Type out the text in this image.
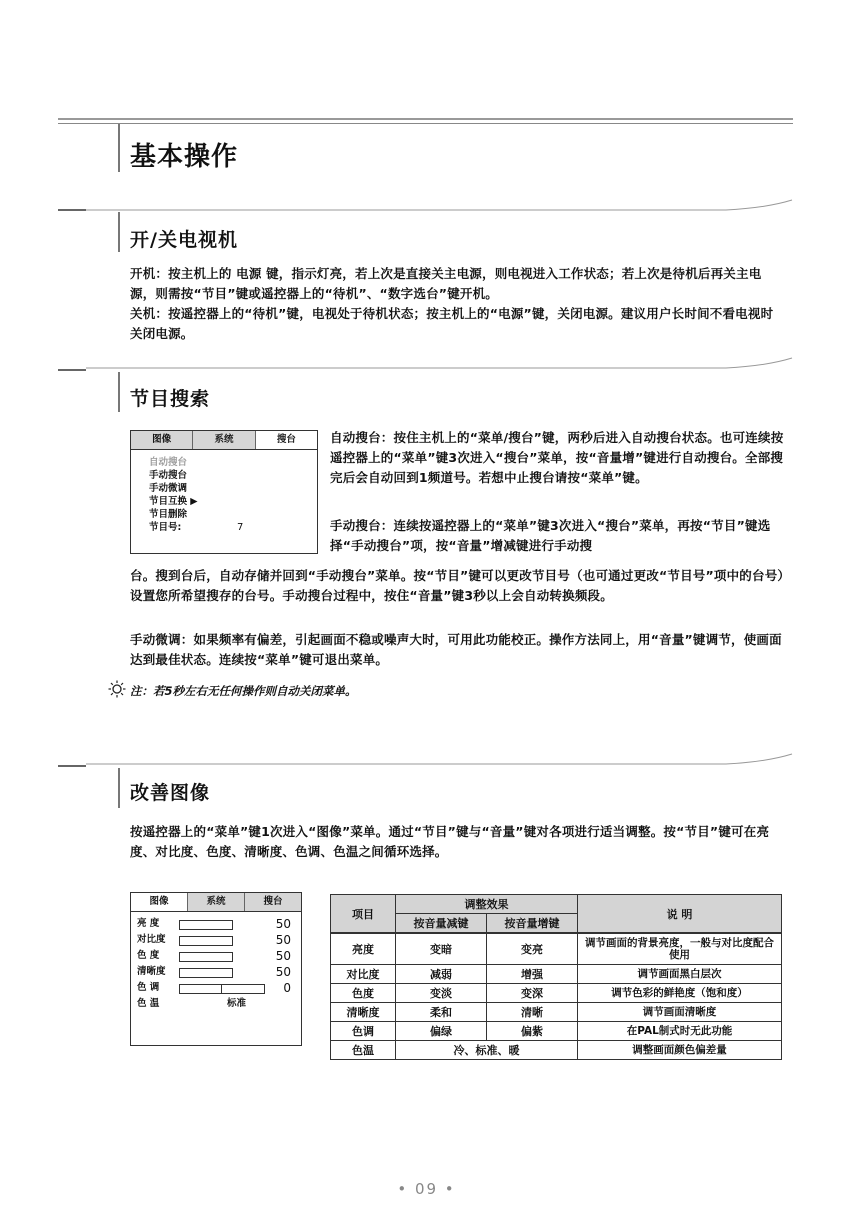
基本操作
开/关电视机

开机：按主机上的 电源 键，指示灯亮，若上次是直接关主电源，则电视进入工作状态；若上次是待机后再关主电源，则需按“节目”键或遥控器上的“待机”、“数字选台”键开机。

关机：按遥控器上的“待机”键，电视处于待机状态；按主机上的“电源”键，关闭电源。建议用户长时间不看电视时关闭电源。

节目搜索
图像	系统	搜台
自动搜台
手动搜台
手动微调
节目互换 ▶
节目删除
节目号:	7
自动搜台：按住主机上的“菜单/搜台”键，两秒后进入自动搜台状态。也可连续按遥控器上的“菜单”键3次进入“搜台”菜单，按“音量增”键进行自动搜台。全部搜完后会自动回到1频道号。若想中止搜台请按“菜单”键。
手动搜台：连续按遥控器上的“菜单”键3次进入“搜台”菜单，再按“节目”键选择“手动搜台”项，按“音量”增减键进行手动搜
台。搜到台后，自动存储并回到“手动搜台”菜单。按“节目”键可以更改节目号（也可通过更改“节目号”项中的台号）设置您所希望搜存的台号。手动搜台过程中，按住“音量”键3秒以上会自动转换频段。
手动微调：如果频率有偏差，引起画面不稳或噪声大时，可用此功能校正。操作方法同上，用“音量”键调节，使画面达到最佳状态。连续按“菜单”键可退出菜单。
注：若5秒左右无任何操作则自动关闭菜单。
改善图像
按遥控器上的“菜单”键1次进入“图像”菜单。通过“节目”键与“音量”键对各项进行适当调整。按“节目”键可在亮度、对比度、色度、清晰度、色调、色温之间循环选择。
图像	系统	搜台
亮 度	50
对比度	50
色 度	50
清晰度	50
色 调	0
色 温	标准
项目	调整效果		说 明
	按音量减键	按音量增键	
亮度	变暗	变亮	调节画面的背景亮度，一般与对比度配合使用
对比度	减弱	增强	调节画面黑白层次
色度	变淡	变深	调节色彩的鲜艳度（饱和度）
清晰度	柔和	清晰	调节画面清晰度
色调	偏绿	偏紫	在PAL制式时无此功能
色温	冷、标准、暖		调整画面颜色偏差量
• 09 •
